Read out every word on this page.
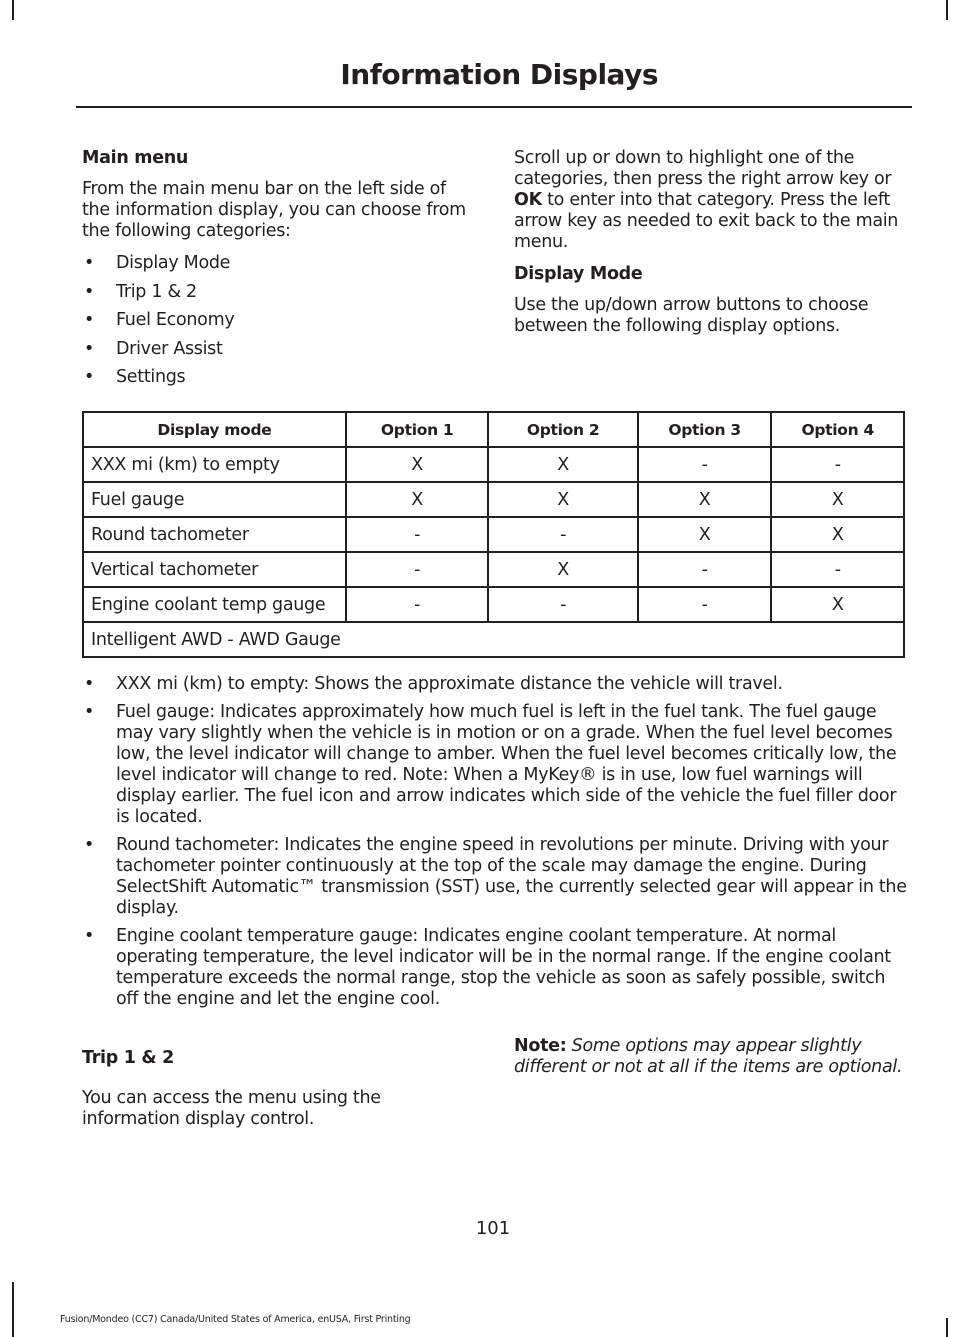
Information Displays
Main menu
From the main menu bar on the left side of the information display, you can choose from the following categories:
• Display Mode
• Trip 1 & 2
• Fuel Economy
• Driver Assist
• Settings
Scroll up or down to highlight one of the categories, then press the right arrow key or OK to enter into that category. Press the left arrow key as needed to exit back to the main menu.
Display Mode
Use the up/down arrow buttons to choose between the following display options.
Display mode	Option 1	Option 2	Option 3	Option 4
XXX mi (km) to empty	X	X	-	-
Fuel gauge	X	X	X	X
Round tachometer	-	-	X	X
Vertical tachometer	-	X	-	-
Engine coolant temp gauge	-	-	-	X
Intelligent AWD - AWD Gauge				
• XXX mi (km) to empty: Shows the approximate distance the vehicle will travel.
• Fuel gauge: Indicates approximately how much fuel is left in the fuel tank. The fuel gauge may vary slightly when the vehicle is in motion or on a grade. When the fuel level becomes low, the level indicator will change to amber. When the fuel level becomes critically low, the level indicator will change to red. Note: When a MyKey® is in use, low fuel warnings will display earlier. The fuel icon and arrow indicates which side of the vehicle the fuel filler door is located.
• Round tachometer: Indicates the engine speed in revolutions per minute. Driving with your tachometer pointer continuously at the top of the scale may damage the engine. During SelectShift Automatic™ transmission (SST) use, the currently selected gear will appear in the display.
• Engine coolant temperature gauge: Indicates engine coolant temperature. At normal operating temperature, the level indicator will be in the normal range. If the engine coolant temperature exceeds the normal range, stop the vehicle as soon as safely possible, switch off the engine and let the engine cool.
Trip 1 & 2
You can access the menu using the information display control.
Note: Some options may appear slightly different or not at all if the items are optional.
101
Fusion/Mondeo (CC7) Canada/United States of America, enUSA, First Printing
